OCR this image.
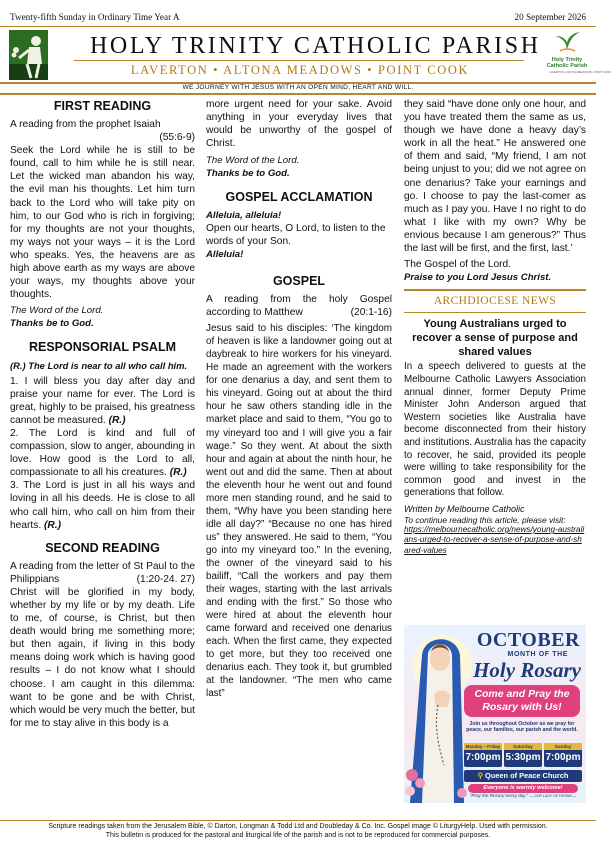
Twenty-fifth Sunday in Ordinary Time Year A	20 September 2026
HOLY TRINITY CATHOLIC PARISH
LAVERTON • ALTONA MEADOWS • POINT COOK
Holy Trinity Catholic Parish
LAVERTON • ALTONA MEADOWS • POINT COOK
WE JOURNEY WITH JESUS WITH AN OPEN MIND, HEART AND WILL.
FIRST READING

A reading from the prophet Isaiah

(55:6-9)

Seek the Lord while he is still to be found, call to him while he is still near. Let the wicked man abandon his way, the evil man his thoughts. Let him turn back to the Lord who will take pity on him, to our God who is rich in forgiving; for my thoughts are not your thoughts, my ways not your ways – it is the Lord who speaks. Yes, the heavens are as high above earth as my ways are above your ways, my thoughts above your thoughts.

The Word of the Lord.

Thanks be to God.

RESPONSORIAL PSALM

(R.) The Lord is near to all who call him.

1. I will bless you day after day and praise your name for ever. The Lord is great, highly to be praised, his greatness cannot be measured. (R.)

2. The Lord is kind and full of compassion, slow to anger, abounding in love. How good is the Lord to all, compassionate to all his creatures. (R.)

3. The Lord is just in all his ways and loving in all his deeds. He is close to all who call him, who call on him from their hearts. (R.)

SECOND READING

A reading from the letter of St Paul to the Philippians	(1:20-24. 27)

Christ will be glorified in my body, whether by my life or by my death. Life to me, of course, is Christ, but then death would bring me something more; but then again, if living in this body means doing work which is having good results – I do not know what I should choose. I am caught in this dilemma: want to be gone and be with Christ, which would be very much the better, but for me to stay alive in this body is a

more urgent need for your sake. Avoid anything in your everyday lives that would be unworthy of the gospel of Christ.

The Word of the Lord.

Thanks be to God.

GOSPEL ACCLAMATION

Alleluia, alleluia!

Open our hearts, O Lord, to listen to the words of your Son.

Alleluia!

GOSPEL

A reading from the holy Gospel according to Matthew	(20:1-16)

Jesus said to his disciples: ‘The kingdom of heaven is like a landowner going out at daybreak to hire workers for his vineyard. He made an agreement with the workers for one denarius a day, and sent them to his vineyard. Going out at about the third hour he saw others standing idle in the market place and said to them, “You go to my vineyard too and I will give you a fair wage.” So they went. At about the sixth hour and again at about the ninth hour, he went out and did the same. Then at about the eleventh hour he went out and found more men standing round, and he said to them, “Why have you been standing here idle all day?” “Because no one has hired us” they answered. He said to them, “You go into my vineyard too.” In the evening, the owner of the vineyard said to his bailiff, “Call the workers and pay them their wages, starting with the last arrivals and ending with the first.” So those who were hired at about the eleventh hour came forward and received one denarius each. When the first came, they expected to get more, but they too received one denarius each. They took it, but grumbled at the landowner. “The men who came last”

they said “have done only one hour, and you have treated them the same as us, though we have done a heavy day’s work in all the heat.” He answered one of them and said, “My friend, I am not being unjust to you; did we not agree on one denarius? Take your earnings and go. I choose to pay the last-comer as much as I pay you. Have I no right to do what I like with my own? Why be envious because I am generous?” Thus the last will be first, and the first, last.’

The Gospel of the Lord.

Praise to you Lord Jesus Christ.

ARCHDIOCESE NEWS
Young Australians urged to recover a sense of purpose and shared values

In a speech delivered to guests at the Melbourne Catholic Lawyers Association annual dinner, former Deputy Prime Minister John Anderson argued that Western societies like Australia have become disconnected from their history and institutions. Australia has the capacity to recover, he said, provided its people were willing to take responsibility for the common good and invest in the generations that follow.

Written by Melbourne Catholic

To continue reading this article, please visit:

https://melbournecatholic.org/news/young-australians-urged-to-recover-a-sense-of-purpose-and-shared-values

OCTOBER
MONTH OF THE
Holy Rosary
Come and Pray the
Rosary with Us!
Join us throughout October as we pray for peace, our families, our parish and the world.
Monday – Friday
7:00pm
Saturday
5:30pm
Sunday
7:00pm
⚲ Queen of Peace Church
Everyone is warmly welcome!
"Pray the Rosary every day." — OUR LADY OF FATIMA —
Scripture readings taken from the Jerusalem Bible, © Darton, Longman & Todd Ltd and Doubleday & Co. Inc. Gospel image © LiturgyHelp. Used with permission.
This bulletin is produced for the pastoral and liturgical life of the parish and is not to be reproduced for commercial purposes.
